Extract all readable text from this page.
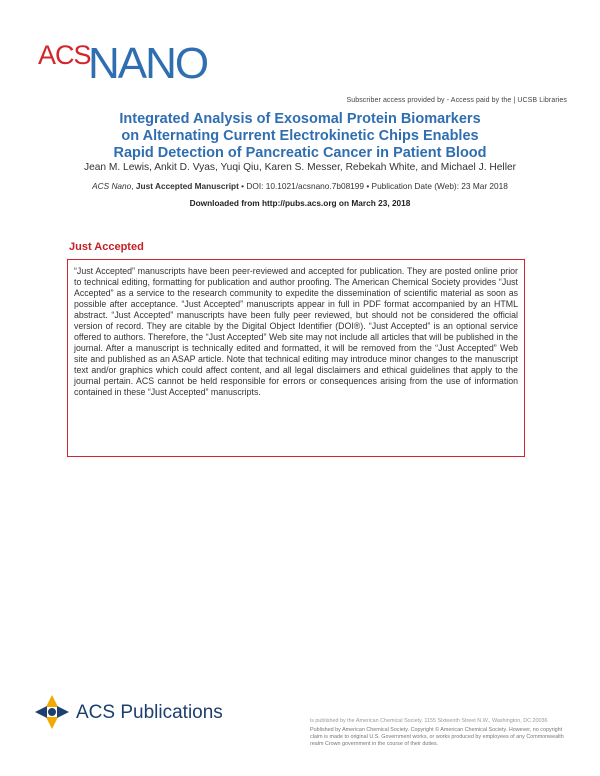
ACS
NANO
Subscriber access provided by - Access paid by the | UCSB Libraries
Integrated Analysis of Exosomal Protein Biomarkers
on Alternating Current Electrokinetic Chips Enables
Rapid Detection of Pancreatic Cancer in Patient Blood
Jean M. Lewis, Ankit D. Vyas, Yuqi Qiu, Karen S. Messer, Rebekah White, and Michael J. Heller
ACS Nano, Just Accepted Manuscript • DOI: 10.1021/acsnano.7b08199 • Publication Date (Web): 23 Mar 2018
Downloaded from http://pubs.acs.org on March 23, 2018
Just Accepted

“Just Accepted” manuscripts have been peer-reviewed and accepted for publication. They are posted online prior to technical editing, formatting for publication and author proofing. The American Chemical Society provides “Just Accepted” as a service to the research community to expedite the dissemination of scientific material as soon as possible after acceptance. “Just Accepted” manuscripts appear in full in PDF format accompanied by an HTML abstract. “Just Accepted” manuscripts have been fully peer reviewed, but should not be considered the official version of record. They are citable by the Digital Object Identifier (DOI®). “Just Accepted” is an optional service offered to authors. Therefore, the “Just Accepted” Web site may not include all articles that will be published in the journal. After a manuscript is technically edited and formatted, it will be removed from the “Just Accepted” Web site and published as an ASAP article. Note that technical editing may introduce minor changes to the manuscript text and/or graphics which could affect content, and all legal disclaimers and ethical guidelines that apply to the journal pertain. ACS cannot be held responsible for errors or consequences arising from the use of information contained in these “Just Accepted” manuscripts.

ACS Publications	is published by the American Chemical Society. 1155 Sixteenth Street N.W., Washington, DC 20036
Published by American Chemical Society. Copyright © American Chemical Society. However, no copyright claim is made to original U.S. Government works, or works produced by employees of any Commonwealth realm Crown government in the course of their duties.
